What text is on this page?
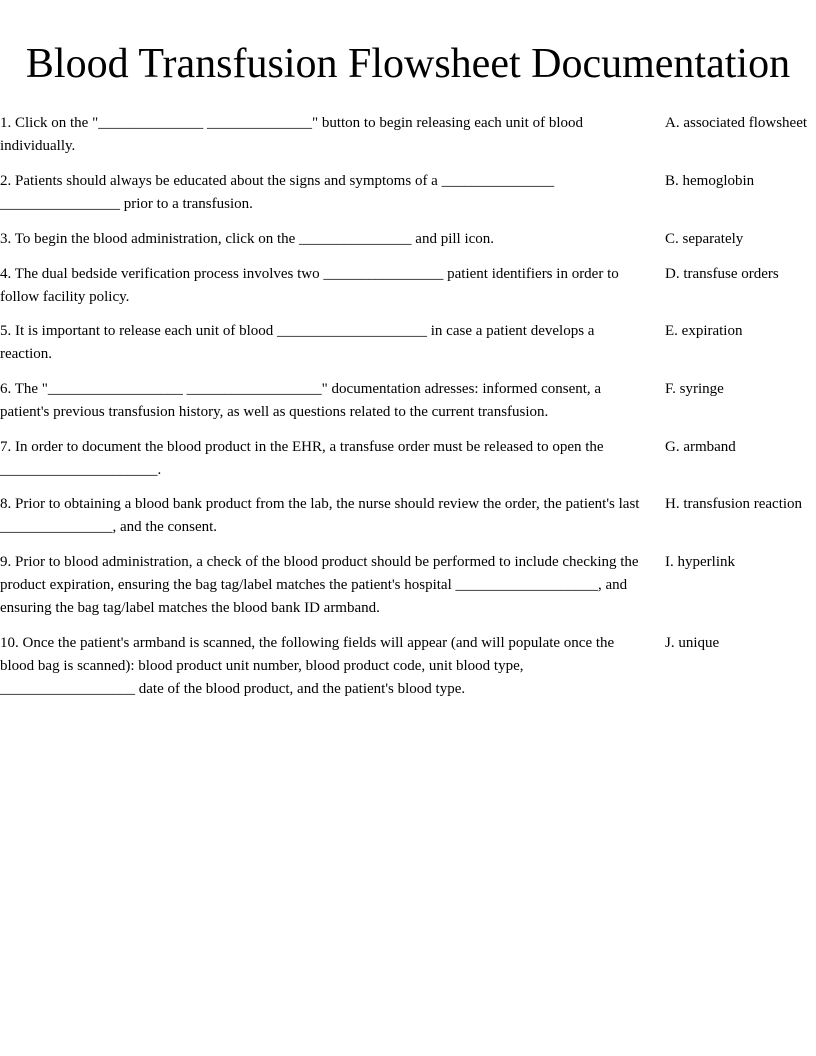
Blood Transfusion Flowsheet Documentation
1. Click on the "______________ ______________" button to begin releasing each unit of blood individually.
2. Patients should always be educated about the signs and symptoms of a _______________ ________________ prior to a transfusion.
3. To begin the blood administration, click on the _______________ and pill icon.
4. The dual bedside verification process involves two ________________ patient identifiers in order to follow facility policy.
5. It is important to release each unit of blood ____________________ in case a patient develops a reaction.
6. The "__________________ __________________" documentation adresses: informed consent, a patient's previous transfusion history, as well as questions related to the current transfusion.
7. In order to document the blood product in the EHR, a transfuse order must be released to open the _____________________.
8. Prior to obtaining a blood bank product from the lab, the nurse should review the order, the patient's last _______________, and the consent.
9. Prior to blood administration, a check of the blood product should be performed to include checking the product expiration, ensuring the bag tag/label matches the patient's hospital ___________________, and ensuring the bag tag/label matches the blood bank ID armband.
10. Once the patient's armband is scanned, the following fields will appear (and will populate once the blood bag is scanned): blood product unit number, blood product code, unit blood type, __________________ date of the blood product, and the patient's blood type.
A. associated flowsheet
B. hemoglobin
C. separately
D. transfuse orders
E. expiration
F. syringe
G. armband
H. transfusion reaction
I. hyperlink
J. unique
